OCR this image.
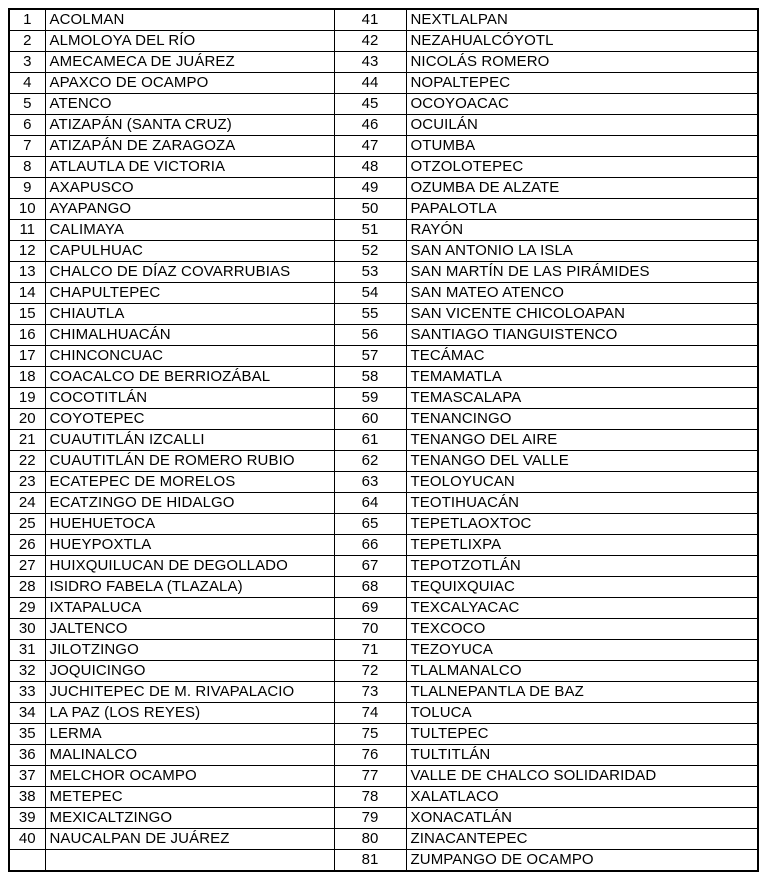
1	ACOLMAN	41	NEXTLALPAN
2	ALMOLOYA DEL RÍO	42	NEZAHUALCÓYOTL
3	AMECAMECA DE JUÁREZ	43	NICOLÁS ROMERO
4	APAXCO DE OCAMPO	44	NOPALTEPEC
5	ATENCO	45	OCOYOACAC
6	ATIZAPÁN (SANTA CRUZ)	46	OCUILÁN
7	ATIZAPÁN DE ZARAGOZA	47	OTUMBA
8	ATLAUTLA DE VICTORIA	48	OTZOLOTEPEC
9	AXAPUSCO	49	OZUMBA DE ALZATE
10	AYAPANGO	50	PAPALOTLA
11	CALIMAYA	51	RAYÓN
12	CAPULHUAC	52	SAN ANTONIO LA ISLA
13	CHALCO DE DÍAZ COVARRUBIAS	53	SAN MARTÍN DE LAS PIRÁMIDES
14	CHAPULTEPEC	54	SAN MATEO ATENCO
15	CHIAUTLA	55	SAN VICENTE CHICOLOAPAN
16	CHIMALHUACÁN	56	SANTIAGO TIANGUISTENCO
17	CHINCONCUAC	57	TECÁMAC
18	COACALCO DE BERRIOZÁBAL	58	TEMAMATLA
19	COCOTITLÁN	59	TEMASCALAPA
20	COYOTEPEC	60	TENANCINGO
21	CUAUTITLÁN IZCALLI	61	TENANGO DEL AIRE
22	CUAUTITLÁN DE ROMERO RUBIO	62	TENANGO DEL VALLE
23	ECATEPEC DE MORELOS	63	TEOLOYUCAN
24	ECATZINGO DE HIDALGO	64	TEOTIHUACÁN
25	HUEHUETOCA	65	TEPETLAOXTOC
26	HUEYPOXTLA	66	TEPETLIXPA
27	HUIXQUILUCAN DE DEGOLLADO	67	TEPOTZOTLÁN
28	ISIDRO FABELA (TLAZALA)	68	TEQUIXQUIAC
29	IXTAPALUCA	69	TEXCALYACAC
30	JALTENCO	70	TEXCOCO
31	JILOTZINGO	71	TEZOYUCA
32	JOQUICINGO	72	TLALMANALCO
33	JUCHITEPEC DE M. RIVAPALACIO	73	TLALNEPANTLA DE BAZ
34	LA PAZ (LOS REYES)	74	TOLUCA
35	LERMA	75	TULTEPEC
36	MALINALCO	76	TULTITLÁN
37	MELCHOR OCAMPO	77	VALLE DE CHALCO SOLIDARIDAD
38	METEPEC	78	XALATLACO
39	MEXICALTZINGO	79	XONACATLÁN
40	NAUCALPAN DE JUÁREZ	80	ZINACANTEPEC
		81	ZUMPANGO DE OCAMPO
